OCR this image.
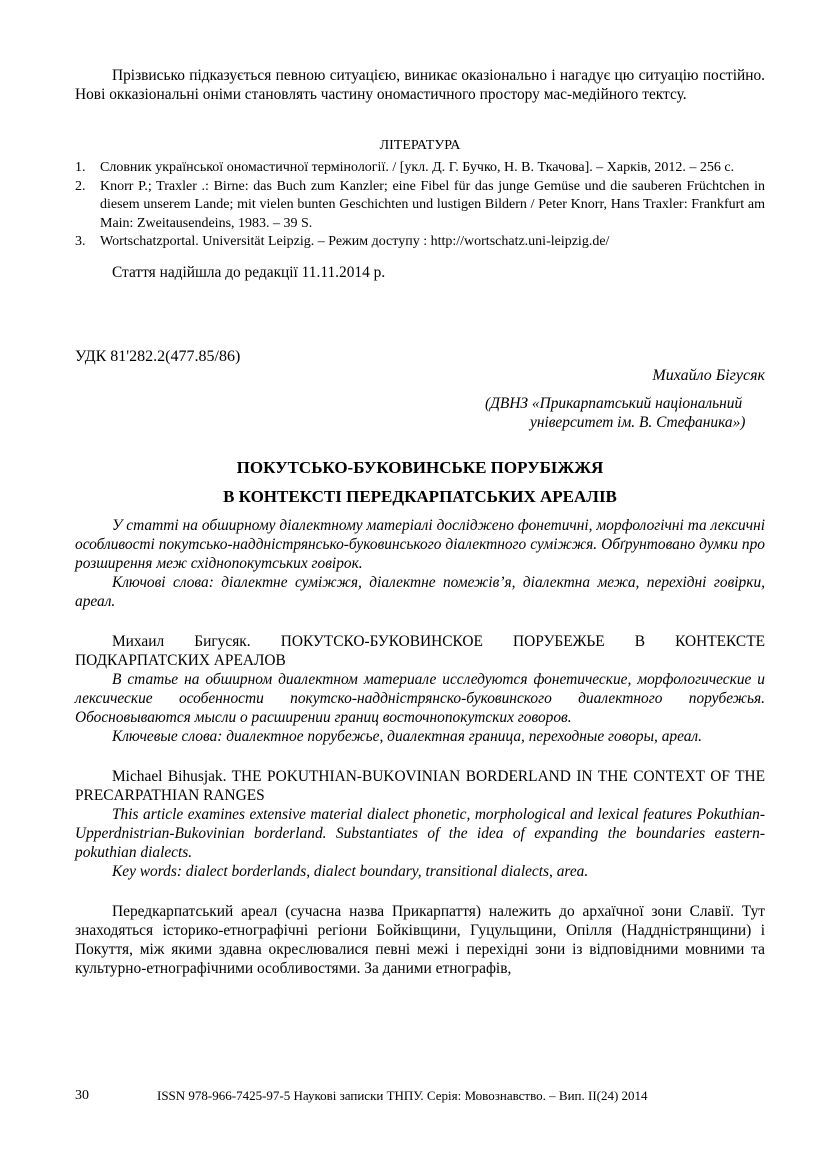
Прізвисько підказується певною ситуацією, виникає оказіонально і нагадує цю ситуацію постійно. Нові окказіональні оніми становлять частину ономастичного простору мас-медійного тектсу.

ЛІТЕРАТУРА
1.	Словник української ономастичної термінології. / [укл. Д. Г. Бучко, Н. В. Ткачова]. – Харків, 2012. – 256 с.
2.	Knorr P.; Traxler .: Birne: das Buch zum Kanzler; eine Fibel für das junge Gemüse und die sauberen Früchtchen in diesem unserem Lande; mit vielen bunten Geschichten und lustigen Bildern / Peter Knorr, Hans Traxler: Frankfurt am Main: Zweitausendeins, 1983. – 39 S.
3.	Wortschatzportal. Universität Leipzig. – Режим доступу : http://wortschatz.uni-leipzig.de/
Стаття надійшла до редакції 11.11.2014 р.
УДК 81'282.2(477.85/86)
Михайло Бігусяк
(ДВНЗ «Прикарпатський національний
університет ім. В. Стефаника»)
ПОКУТСЬКО-БУКОВИНСЬКЕ ПОРУБІЖЖЯ
В КОНТЕКСТІ ПЕРЕДКАРПАТСЬКИХ АРЕАЛІВ
У статті на обширному діалектному матеріалі досліджено фонетичні, морфологічні та лексичні особливості покутсько-наддністрянсько-буковинського діалектного суміжжя. Обґрунтовано думки про розширення меж східнопокутських говірок.
Ключові слова: діалектне суміжжя, діалектне помежів’я, діалектна межа, перехідні говірки, ареал.
Михаил Бигусяк. ПОКУТСКО-БУКОВИНСКОЕ ПОРУБЕЖЬЕ В КОНТЕКСТЕ ПОДКАРПАТСКИХ АРЕАЛОВ
В статье на обширном диалектном материале исследуются фонетические, морфологические и лексические особенности покутско-наддністрянско-буковинского диалектного порубежья. Обосновываются мысли о расширении границ восточнопокутских говоров.
Ключевые слова: диалектное порубежье, диалектная граница, переходные говоры, ареал.
Michael Bihusjak. THE POKUTHIAN-BUKOVINIAN BORDERLAND IN THE CONTEXT OF THE PRECARPATHIAN RANGES
This article examines extensive material dialect phonetic, morphological and lexical features Pokuthian-Upperdnistrian-Bukovinian borderland. Substantiates of the idea of expanding the boundaries eastern-pokuthian dialects.
Key words: dialect borderlands, dialect boundary, transitional dialects, area.

Передкарпатський ареал (сучасна назва Прикарпаття) належить до архаїчної зони Славії. Тут знаходяться історико-етнографічні регіони Бойківщини, Гуцульщини, Опілля (Наддністрянщини) і Покуття, між якими здавна окреслювалися певні межі і перехідні зони із відповідними мовними та культурно-етнографічними особливостями. За даними етнографів,

30	ISSN 978-966-7425-97-5 Наукові записки ТНПУ. Серія: Мовознавство. – Вип. ІІ(24) 2014
